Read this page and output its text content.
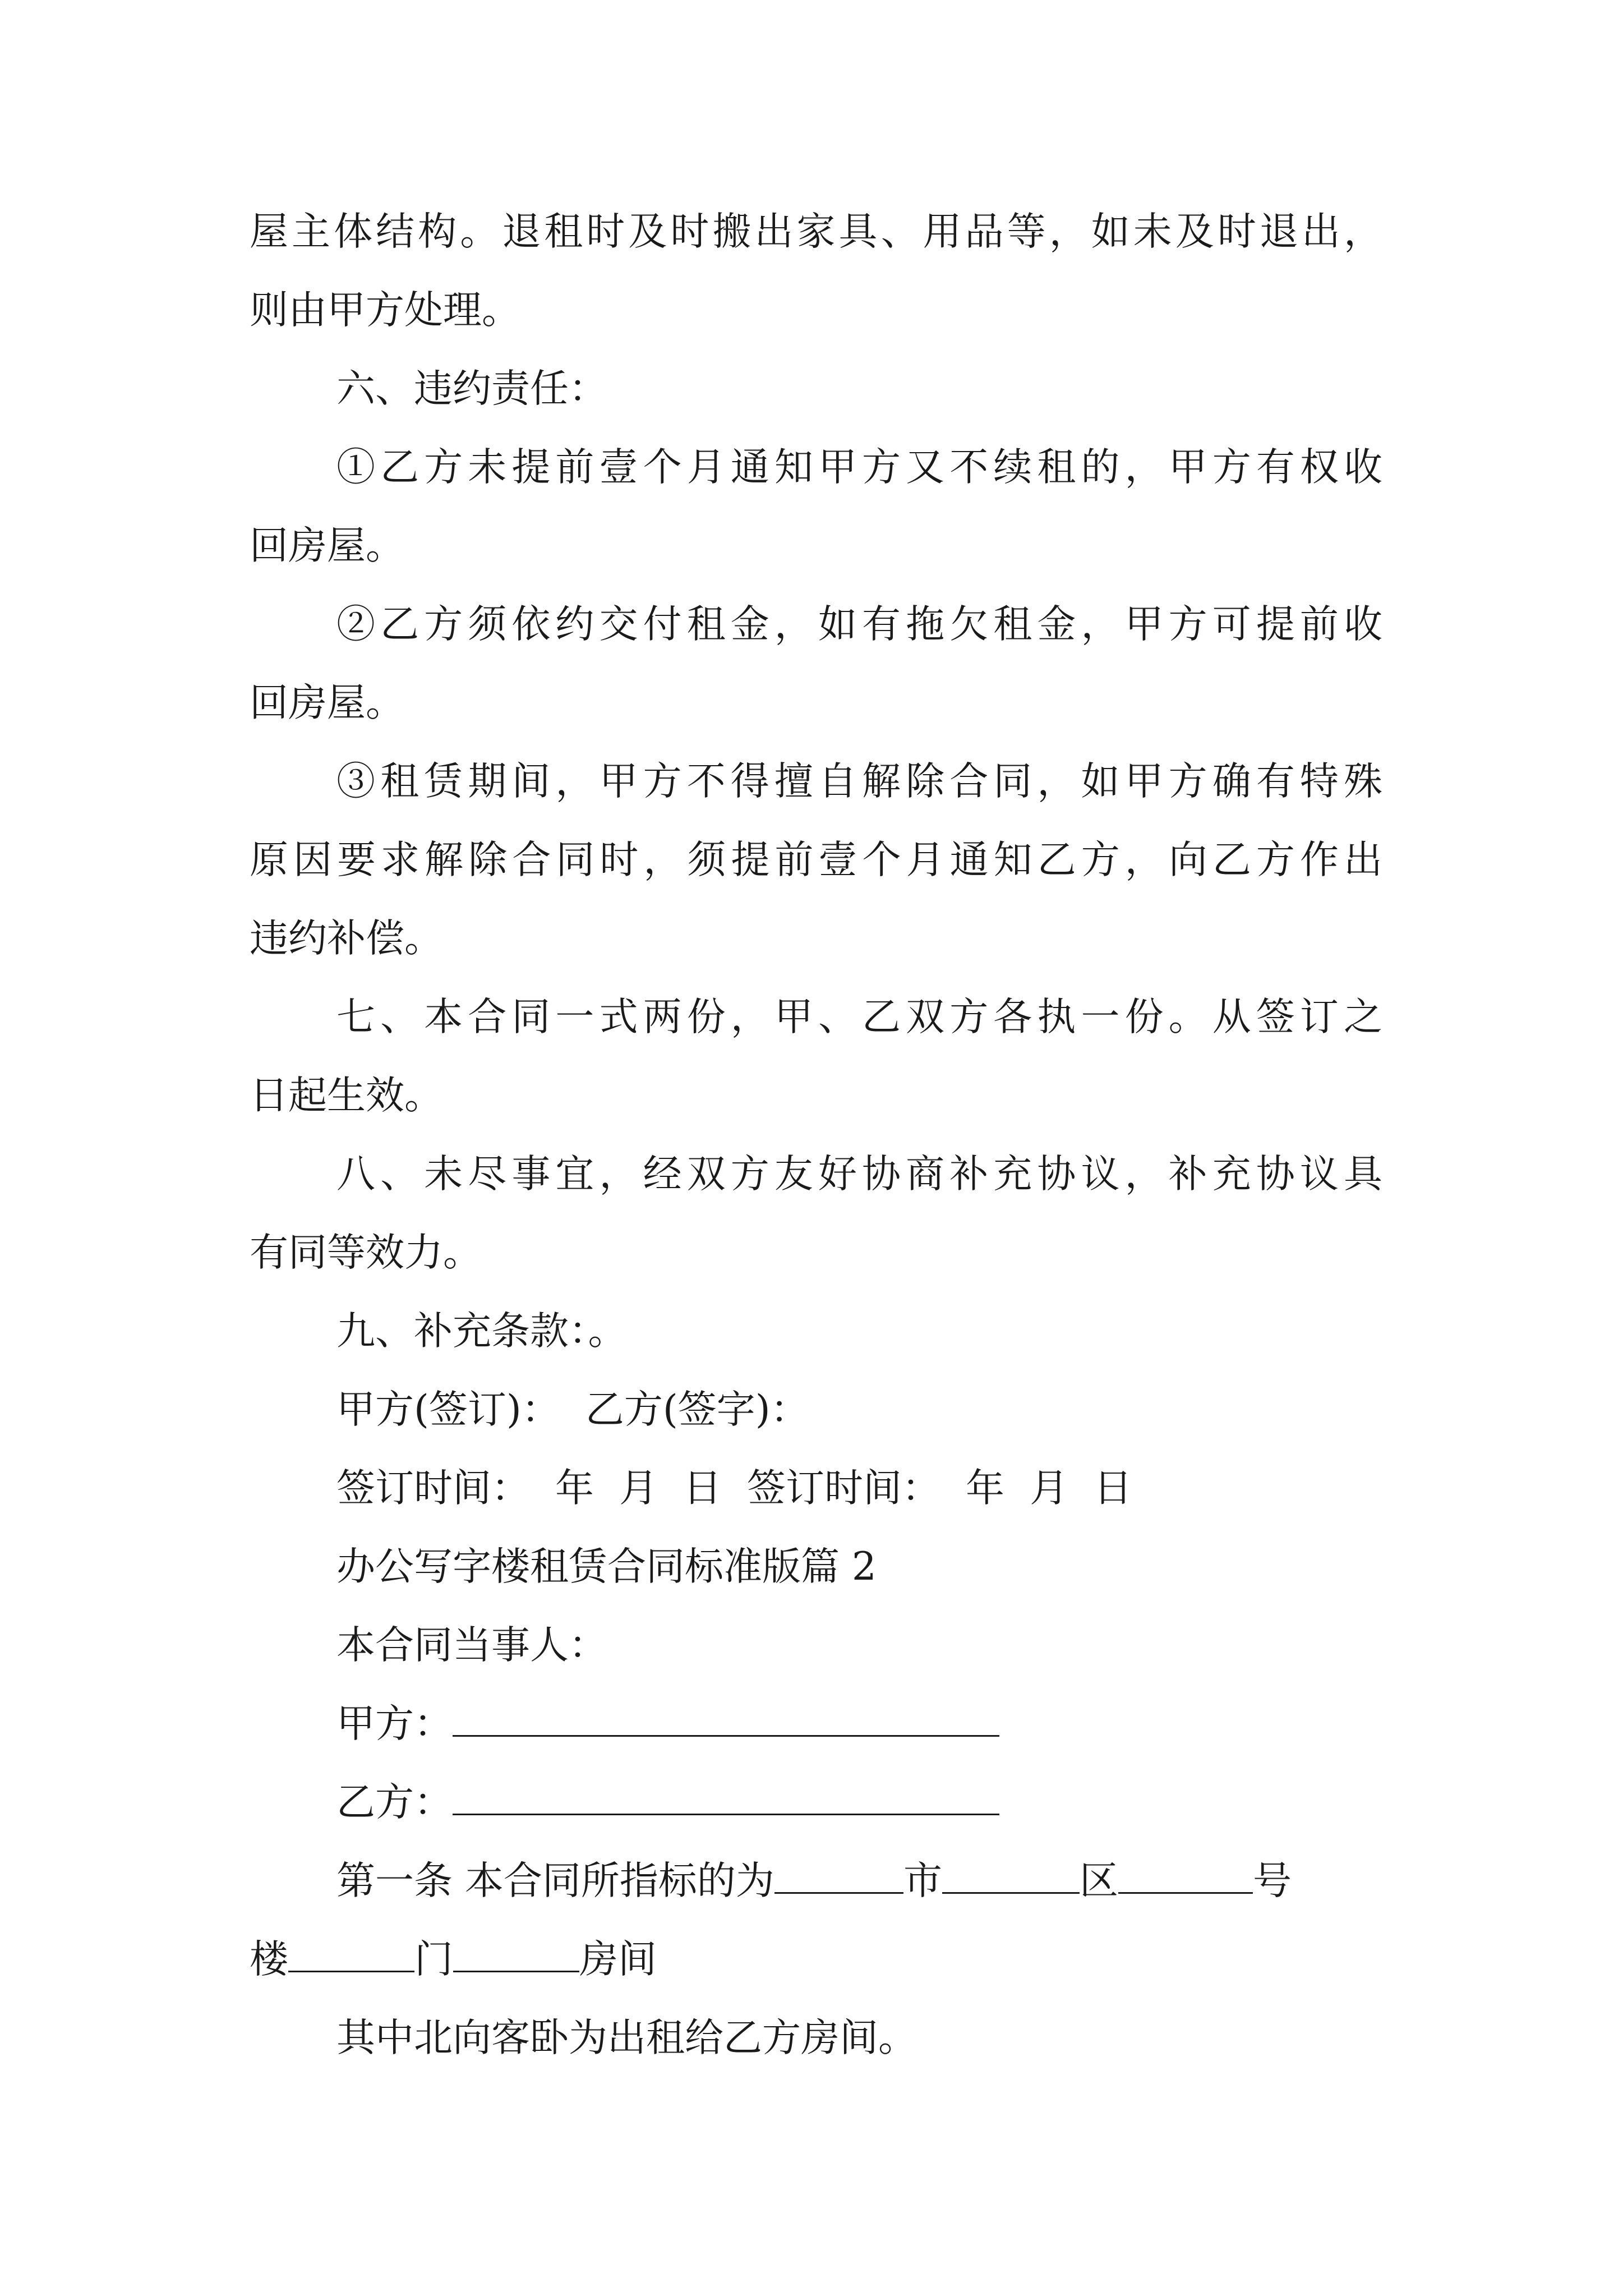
屋主体结构。退租时及时搬出家具、用品等，如未及时退出，
则由甲方处理。
六、违约责任：
①乙方未提前壹个月通知甲方又不续租的，甲方有权收
回房屋。
②乙方须依约交付租金，如有拖欠租金，甲方可提前收
回房屋。
③租赁期间，甲方不得擅自解除合同，如甲方确有特殊
原因要求解除合同时，须提前壹个月通知乙方，向乙方作出
违约补偿。
七、本合同一式两份，甲、乙双方各执一份。从签订之
日起生效。
八、未尽事宜，经双方友好协商补充协议，补充协议具
有同等效力。
九、补充条款：。
甲方(签订)： 乙方(签字)：
签订时间： 年 月 日 签订时间： 年 月 日
办公写字楼租赁合同标准版篇 2
本合同当事人：
甲方：
乙方：
第一条 本合同所指标的为	市	区	号
楼	门	房间
其中北向客卧为出租给乙方房间。
